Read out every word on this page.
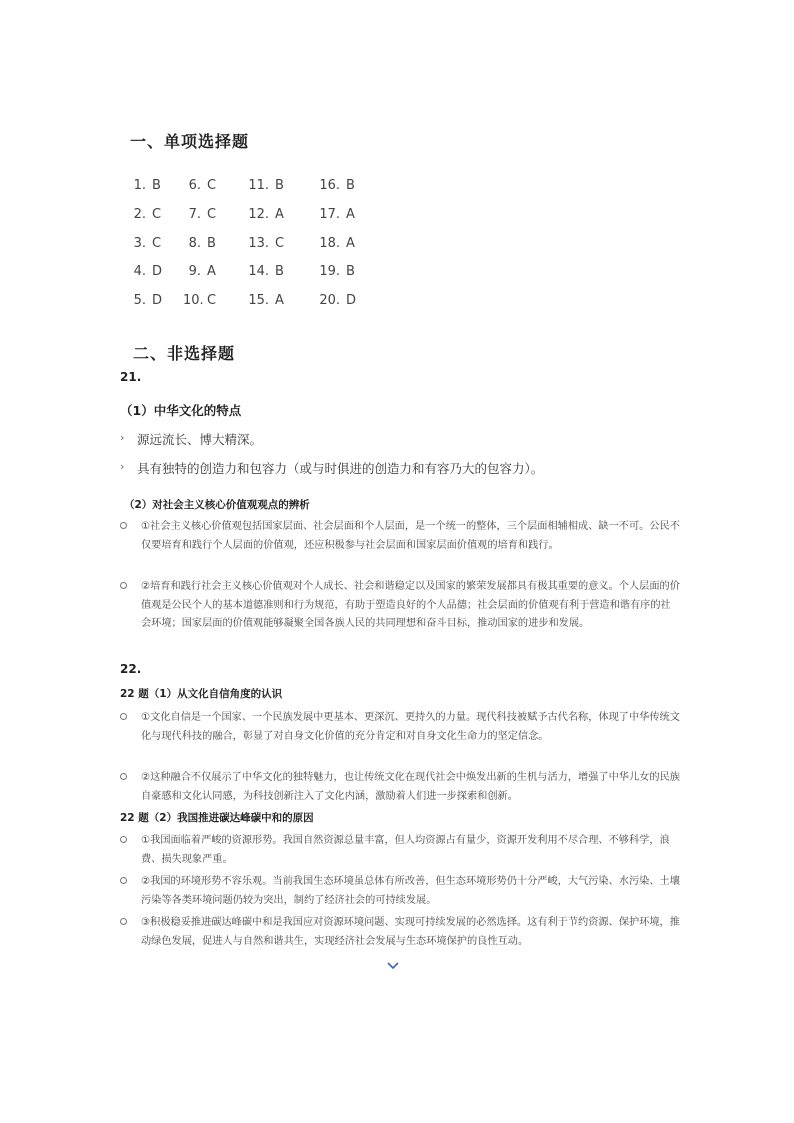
一、单项选择题
1. B
2. C
3. C
4. D
5. D
6. C
7. C
8. B
9. A
10. C
11. B
12. A
13. C
14. B
15. A
16. B
17. A
18. A
19. B
20. D
二、非选择题
21.
（1）中华文化的特点
› 源远流长、博大精深。
› 具有独特的创造力和包容力（或与时俱进的创造力和有容乃大的包容力）。
（2）对社会主义核心价值观观点的辨析
①社会主义核心价值观包括国家层面、社会层面和个人层面，是一个统一的整体，三个层面相辅相成、缺一不可。公民不仅要培育和践行个人层面的价值观，还应积极参与社会层面和国家层面价值观的培育和践行。
②培育和践行社会主义核心价值观对个人成长、社会和谐稳定以及国家的繁荣发展都具有极其重要的意义。个人层面的价值观是公民个人的基本道德准则和行为规范，有助于塑造良好的个人品德；社会层面的价值观有利于营造和谐有序的社会环境；国家层面的价值观能够凝聚全国各族人民的共同理想和奋斗目标，推动国家的进步和发展。
22.
22 题（1）从文化自信角度的认识
①文化自信是一个国家、一个民族发展中更基本、更深沉、更持久的力量。现代科技被赋予古代名称，体现了中华传统文化与现代科技的融合，彰显了对自身文化价值的充分肯定和对自身文化生命力的坚定信念。
②这种融合不仅展示了中华文化的独特魅力，也让传统文化在现代社会中焕发出新的生机与活力，增强了中华儿女的民族自豪感和文化认同感，为科技创新注入了文化内涵，激励着人们进一步探索和创新。
22 题（2）我国推进碳达峰碳中和的原因
①我国面临着严峻的资源形势。我国自然资源总量丰富，但人均资源占有量少，资源开发利用不尽合理、不够科学，浪费、损失现象严重。
②我国的环境形势不容乐观。当前我国生态环境虽总体有所改善，但生态环境形势仍十分严峻，大气污染、水污染、土壤污染等各类环境问题仍较为突出，制约了经济社会的可持续发展。
③积极稳妥推进碳达峰碳中和是我国应对资源环境问题、实现可持续发展的必然选择。这有利于节约资源、保护环境，推动绿色发展，促进人与自然和谐共生，实现经济社会发展与生态环境保护的良性互动。
